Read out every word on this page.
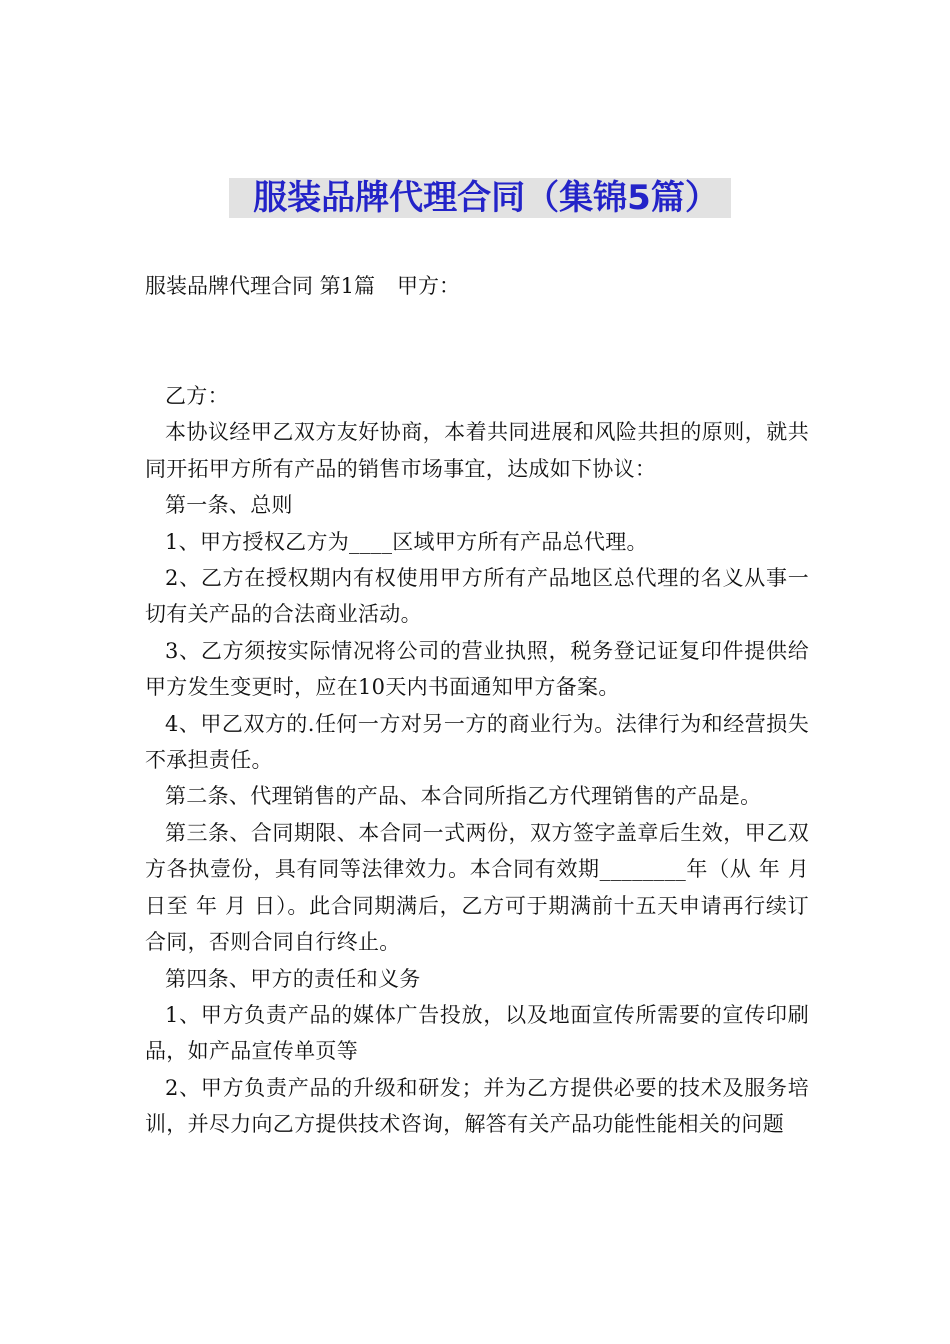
服装品牌代理合同（集锦5篇）
服装品牌代理合同 第1篇 甲方：

乙方：

本协议经甲乙双方友好协商，本着共同进展和风险共担的原则，就共同开拓甲方所有产品的销售市场事宜，达成如下协议：

第一条、总则

1、甲方授权乙方为____区域甲方所有产品总代理。

2、乙方在授权期内有权使用甲方所有产品地区总代理的名义从事一切有关产品的合法商业活动。

3、乙方须按实际情况将公司的营业执照，税务登记证复印件提供给甲方发生变更时，应在10天内书面通知甲方备案。

4、甲乙双方的.任何一方对另一方的商业行为。法律行为和经营损失不承担责任。

第二条、代理销售的产品、本合同所指乙方代理销售的产品是。

第三条、合同期限、本合同一式两份，双方签字盖章后生效，甲乙双方各执壹份，具有同等法律效力。本合同有效期________年（从 年 月 日至 年 月 日）。此合同期满后，乙方可于期满前十五天申请再行续订合同，否则合同自行终止。

第四条、甲方的责任和义务

1、甲方负责产品的媒体广告投放，以及地面宣传所需要的宣传印刷品，如产品宣传单页等

2、甲方负责产品的升级和研发；并为乙方提供必要的技术及服务培训，并尽力向乙方提供技术咨询，解答有关产品功能性能相关的问题
